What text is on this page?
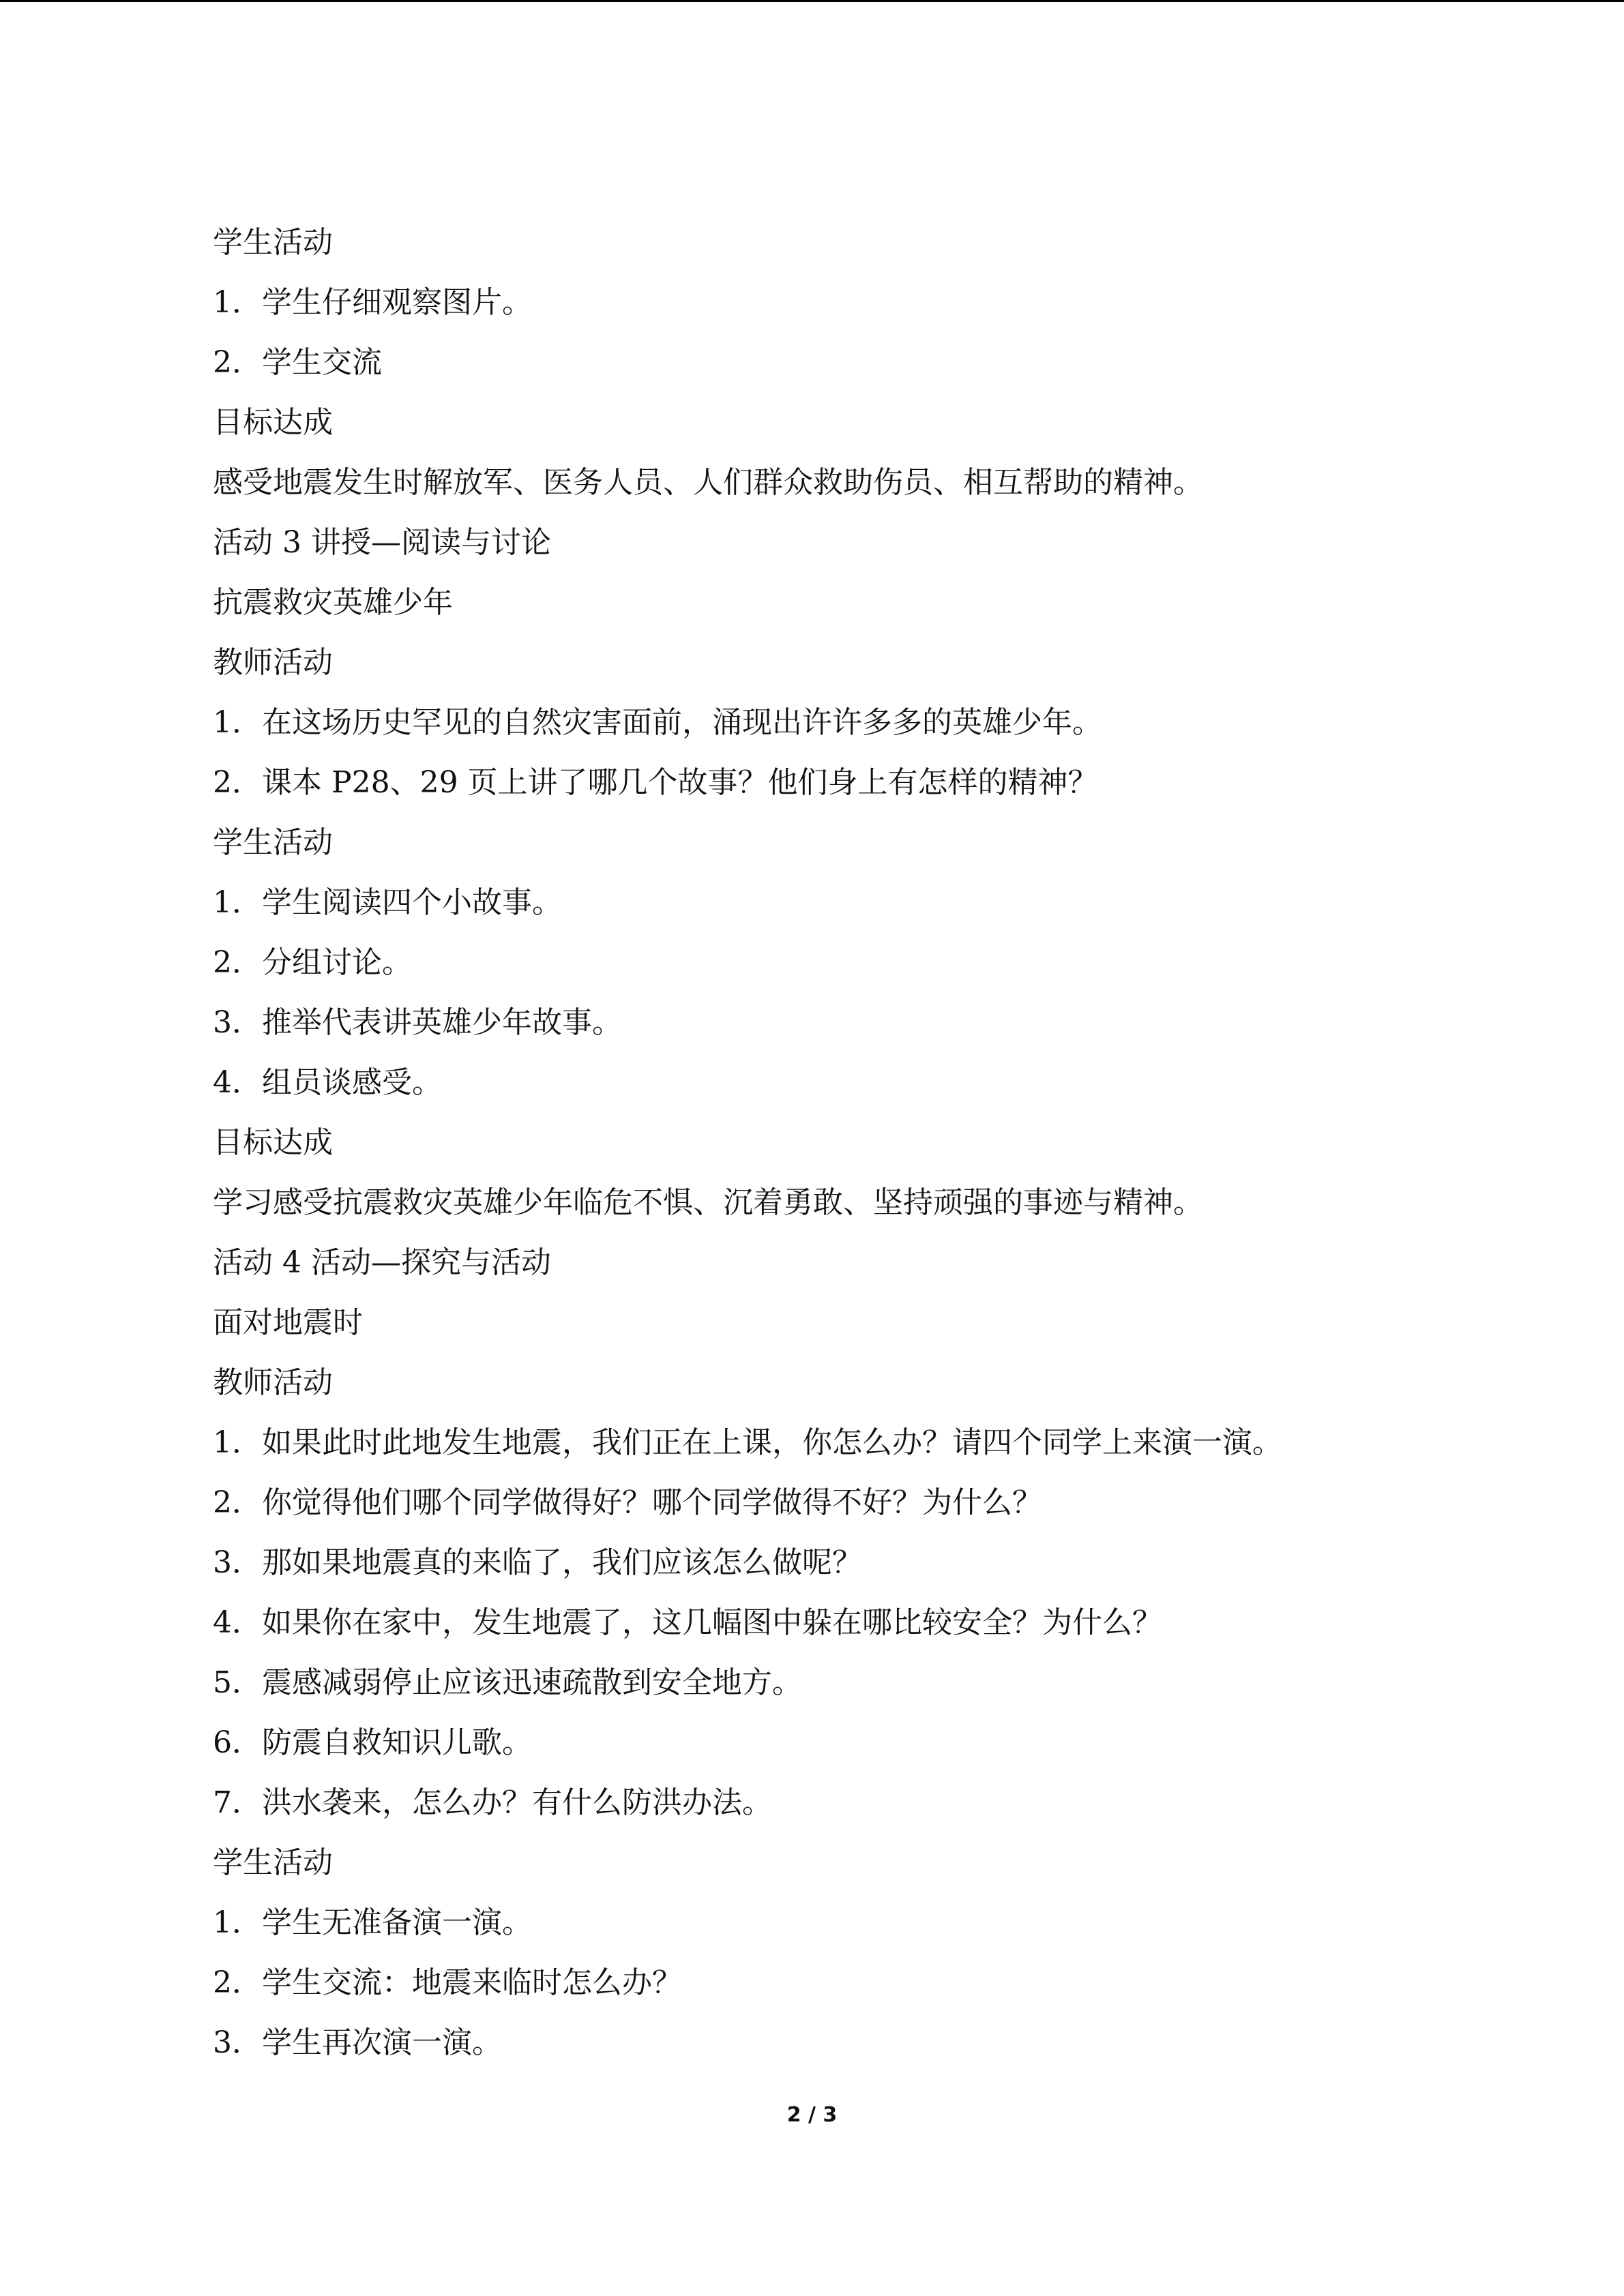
学生活动
1．学生仔细观察图片。
2．学生交流
目标达成
感受地震发生时解放军、医务人员、人们群众救助伤员、相互帮助的精神。
活动 3 讲授—阅读与讨论
抗震救灾英雄少年
教师活动
1．在这场历史罕见的自然灾害面前，涌现出许许多多的英雄少年。
2．课本 P28、29 页上讲了哪几个故事？他们身上有怎样的精神？
学生活动
1．学生阅读四个小故事。
2．分组讨论。
3．推举代表讲英雄少年故事。
4．组员谈感受。
目标达成
学习感受抗震救灾英雄少年临危不惧、沉着勇敢、坚持顽强的事迹与精神。
活动 4 活动—探究与活动
面对地震时
教师活动
1．如果此时此地发生地震，我们正在上课，你怎么办？请四个同学上来演一演。
2．你觉得他们哪个同学做得好？哪个同学做得不好？为什么？
3．那如果地震真的来临了，我们应该怎么做呢？
4．如果你在家中，发生地震了，这几幅图中躲在哪比较安全？为什么？
5．震感减弱停止应该迅速疏散到安全地方。
6．防震自救知识儿歌。
7．洪水袭来，怎么办？有什么防洪办法。
学生活动
1．学生无准备演一演。
2．学生交流：地震来临时怎么办？
3．学生再次演一演。
2 / 3
